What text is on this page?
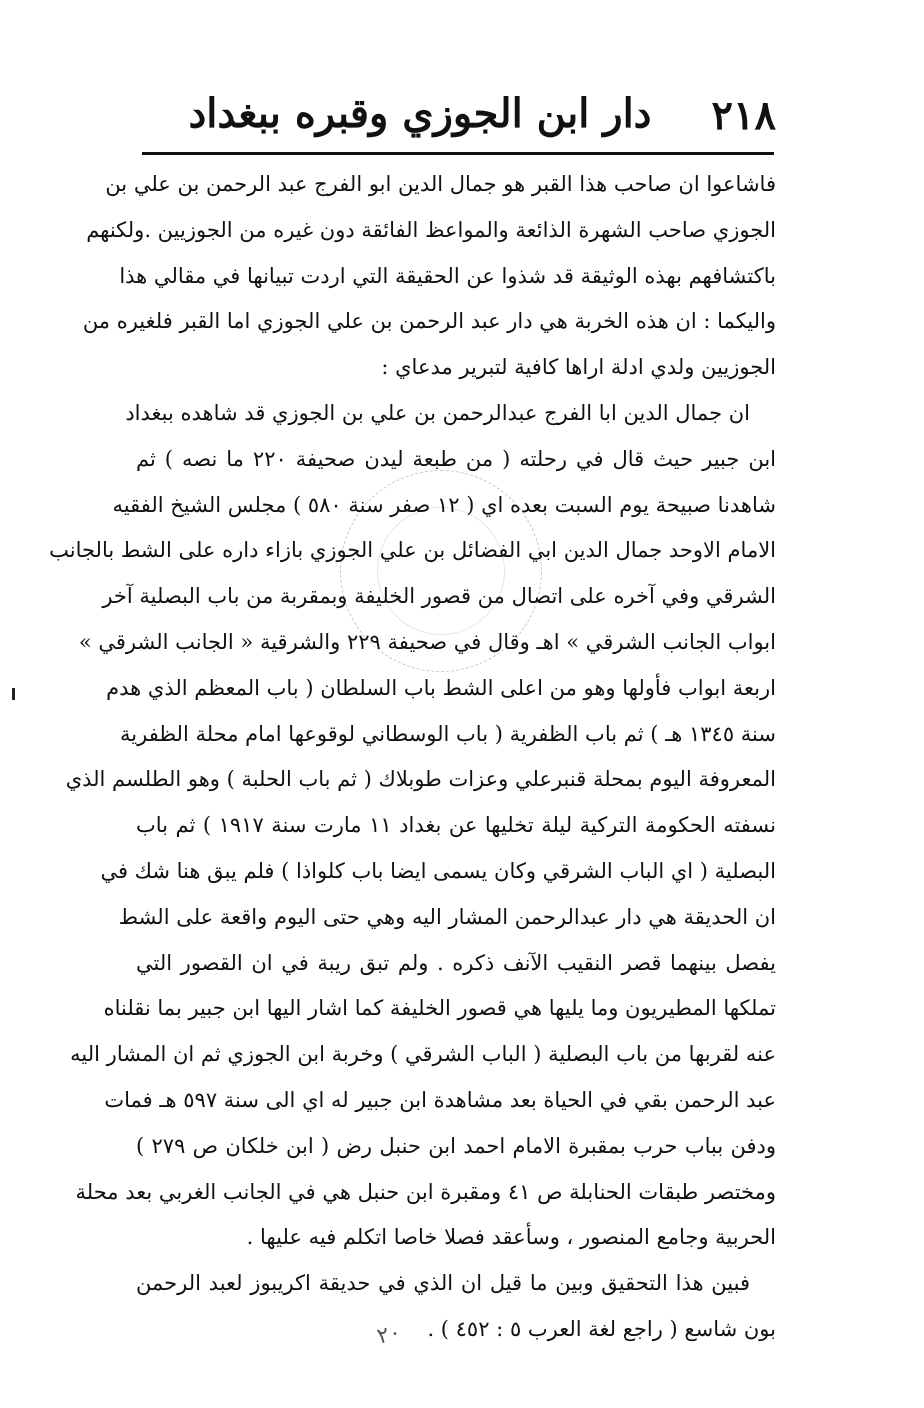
٢١٨
دار ابن الجوزي وقبره ببغداد
فاشاعوا ان صاحب هذا القبر هو جمال الدين ابو الفرج عبد الرحمن بن علي بن
الجوزي صاحب الشهرة الذائعة والمواعظ الفائقة دون غيره من الجوزيين .ولكنهم
باكتشافهم بهذه الوثيقة قد شذوا عن الحقيقة التي اردت تبيانها في مقالي هذا
واليكما : ان هذه الخربة هي دار عبد الرحمن بن علي الجوزي اما القبر فلغيره من
الجوزيين ولدي ادلة اراها كافية لتبرير مدعاي :
ان جمال الدين ابا الفرج عبدالرحمن بن علي بن الجوزي قد شاهده ببغداد
ابن جبير حيث قال في رحلته ( من طبعة ليدن صحيفة ٢٢٠ ما نصه ) ثم
شاهدنا صبيحة يوم السبت بعده اي ( ١٢ صفر سنة ٥٨٠ ) مجلس الشيخ الفقيه
الامام الاوحد جمال الدين ابي الفضائل بن علي الجوزي بازاء داره على الشط بالجانب
الشرقي وفي آخره على اتصال من قصور الخليفة وبمقربة من باب البصلية آخر
ابواب الجانب الشرقي » اهـ وقال في صحيفة ٢٢٩ والشرقية « الجانب الشرقي »
اربعة ابواب فأولها وهو من اعلى الشط باب السلطان ( باب المعظم الذي هدم
سنة ١٣٤٥ هـ ) ثم باب الظفرية ( باب الوسطاني لوقوعها امام محلة الظفرية
المعروفة اليوم بمحلة قنبرعلي وعزات طوبلاك ( ثم باب الحلبة ) وهو الطلسم الذي
نسفته الحكومة التركية ليلة تخليها عن بغداد ١١ مارت سنة ١٩١٧ ) ثم باب
البصلية ( اي الباب الشرقي وكان يسمى ايضا باب كلواذا ) فلم يبق هنا شك في
ان الحديقة هي دار عبدالرحمن المشار اليه وهي حتى اليوم واقعة على الشط
يفصل بينهما قصر النقيب الآنف ذكره . ولم تبق ريبة في ان القصور التي
تملكها المطيريون وما يليها هي قصور الخليفة كما اشار اليها ابن جبير بما نقلناه
عنه لقربها من باب البصلية ( الباب الشرقي ) وخربة ابن الجوزي ثم ان المشار اليه
عبد الرحمن بقي في الحياة بعد مشاهدة ابن جبير له اي الى سنة ٥٩٧ هـ فمات
ودفن بباب حرب بمقبرة الامام احمد ابن حنبل رض ( ابن خلكان ص ٢٧٩ )
ومختصر طبقات الحنابلة ص ٤١ ومقبرة ابن حنبل هي في الجانب الغربي بعد محلة
الحربية وجامع المنصور ، وسأعقد فصلا خاصا اتكلم فيه عليها .
فبين هذا التحقيق وبين ما قيل ان الذي في حديقة اكريبوز لعبد الرحمن
بون شاسع ( راجع لغة العرب ٥ : ٤٥٢ ) .
٢٠
